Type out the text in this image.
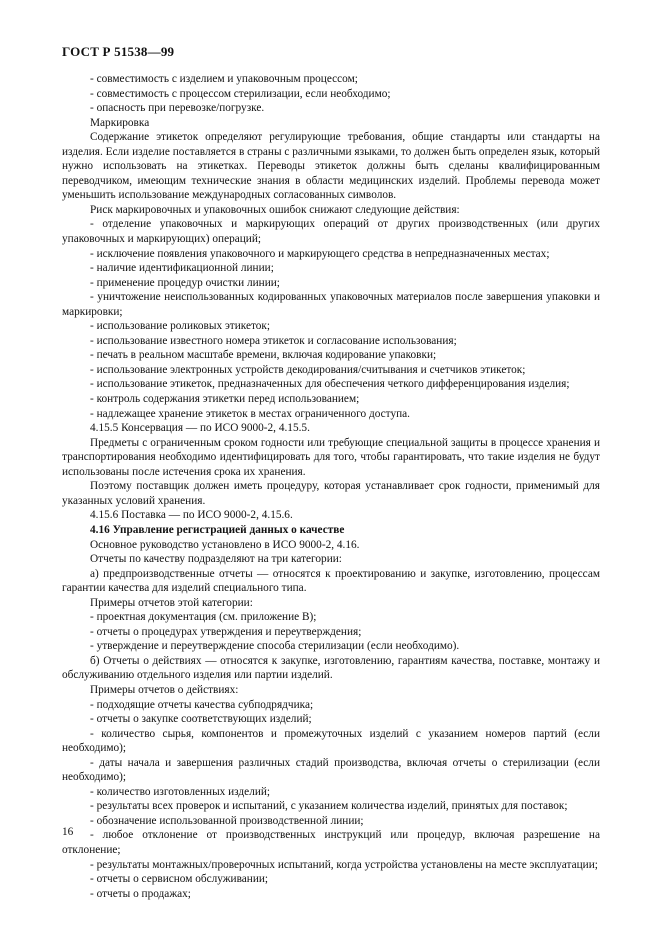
ГОСТ Р 51538—99

- совместимость с изделием и упаковочным процессом;

- совместимость с процессом стерилизации, если необходимо;

- опасность при перевозке/погрузке.

Маркировка

Содержание этикеток определяют регулирующие требования, общие стандарты или стандарты на изделия. Если изделие поставляется в страны с различными языками, то должен быть определен язык, который нужно использовать на этикетках. Переводы этикеток должны быть сделаны квалифицированным переводчиком, имеющим технические знания в области медицинских изделий. Проблемы перевода может уменьшить использование международных согласованных символов.

Риск маркировочных и упаковочных ошибок снижают следующие действия:

- отделение упаковочных и маркирующих операций от других производственных (или других упаковочных и маркирующих) операций;

- исключение появления упаковочного и маркирующего средства в непредназначенных местах;

- наличие идентификационной линии;

- применение процедур очистки линии;

- уничтожение неиспользованных кодированных упаковочных материалов после завершения упаковки и маркировки;

- использование роликовых этикеток;

- использование известного номера этикеток и согласование использования;

- печать в реальном масштабе времени, включая кодирование упаковки;

- использование электронных устройств декодирования/считывания и счетчиков этикеток;

- использование этикеток, предназначенных для обеспечения четкого дифференцирования изделия;

- контроль содержания этикетки перед использованием;

- надлежащее хранение этикеток в местах ограниченного доступа.

4.15.5 Консервация — по ИСО 9000-2, 4.15.5.

Предметы с ограниченным сроком годности или требующие специальной защиты в процессе хранения и транспортирования необходимо идентифицировать для того, чтобы гарантировать, что такие изделия не будут использованы после истечения срока их хранения.

Поэтому поставщик должен иметь процедуру, которая устанавливает срок годности, применимый для указанных условий хранения.

4.15.6 Поставка — по ИСО 9000-2, 4.15.6.

4.16 Управление регистрацией данных о качестве

Основное руководство установлено в ИСО 9000-2, 4.16.

Отчеты по качеству подразделяют на три категории:

а) предпроизводственные отчеты — относятся к проектированию и закупке, изготовлению, процессам гарантии качества для изделий специального типа.

Примеры отчетов этой категории:

- проектная документация (см. приложение В);

- отчеты о процедурах утверждения и переутверждения;

- утверждение и переутверждение способа стерилизации (если необходимо).

б) Отчеты о действиях — относятся к закупке, изготовлению, гарантиям качества, поставке, монтажу и обслуживанию отдельного изделия или партии изделий.

Примеры отчетов о действиях:

- подходящие отчеты качества субподрядчика;

- отчеты о закупке соответствующих изделий;

- количество сырья, компонентов и промежуточных изделий с указанием номеров партий (если необходимо);

- даты начала и завершения различных стадий производства, включая отчеты о стерилизации (если необходимо);

- количество изготовленных изделий;

- результаты всех проверок и испытаний, с указанием количества изделий, принятых для поставок;

- обозначение использованной производственной линии;

- любое отклонение от производственных инструкций или процедур, включая разрешение на отклонение;

- результаты монтажных/проверочных испытаний, когда устройства установлены на месте эксплуатации;

- отчеты о сервисном обслуживании;

- отчеты о продажах;

16
